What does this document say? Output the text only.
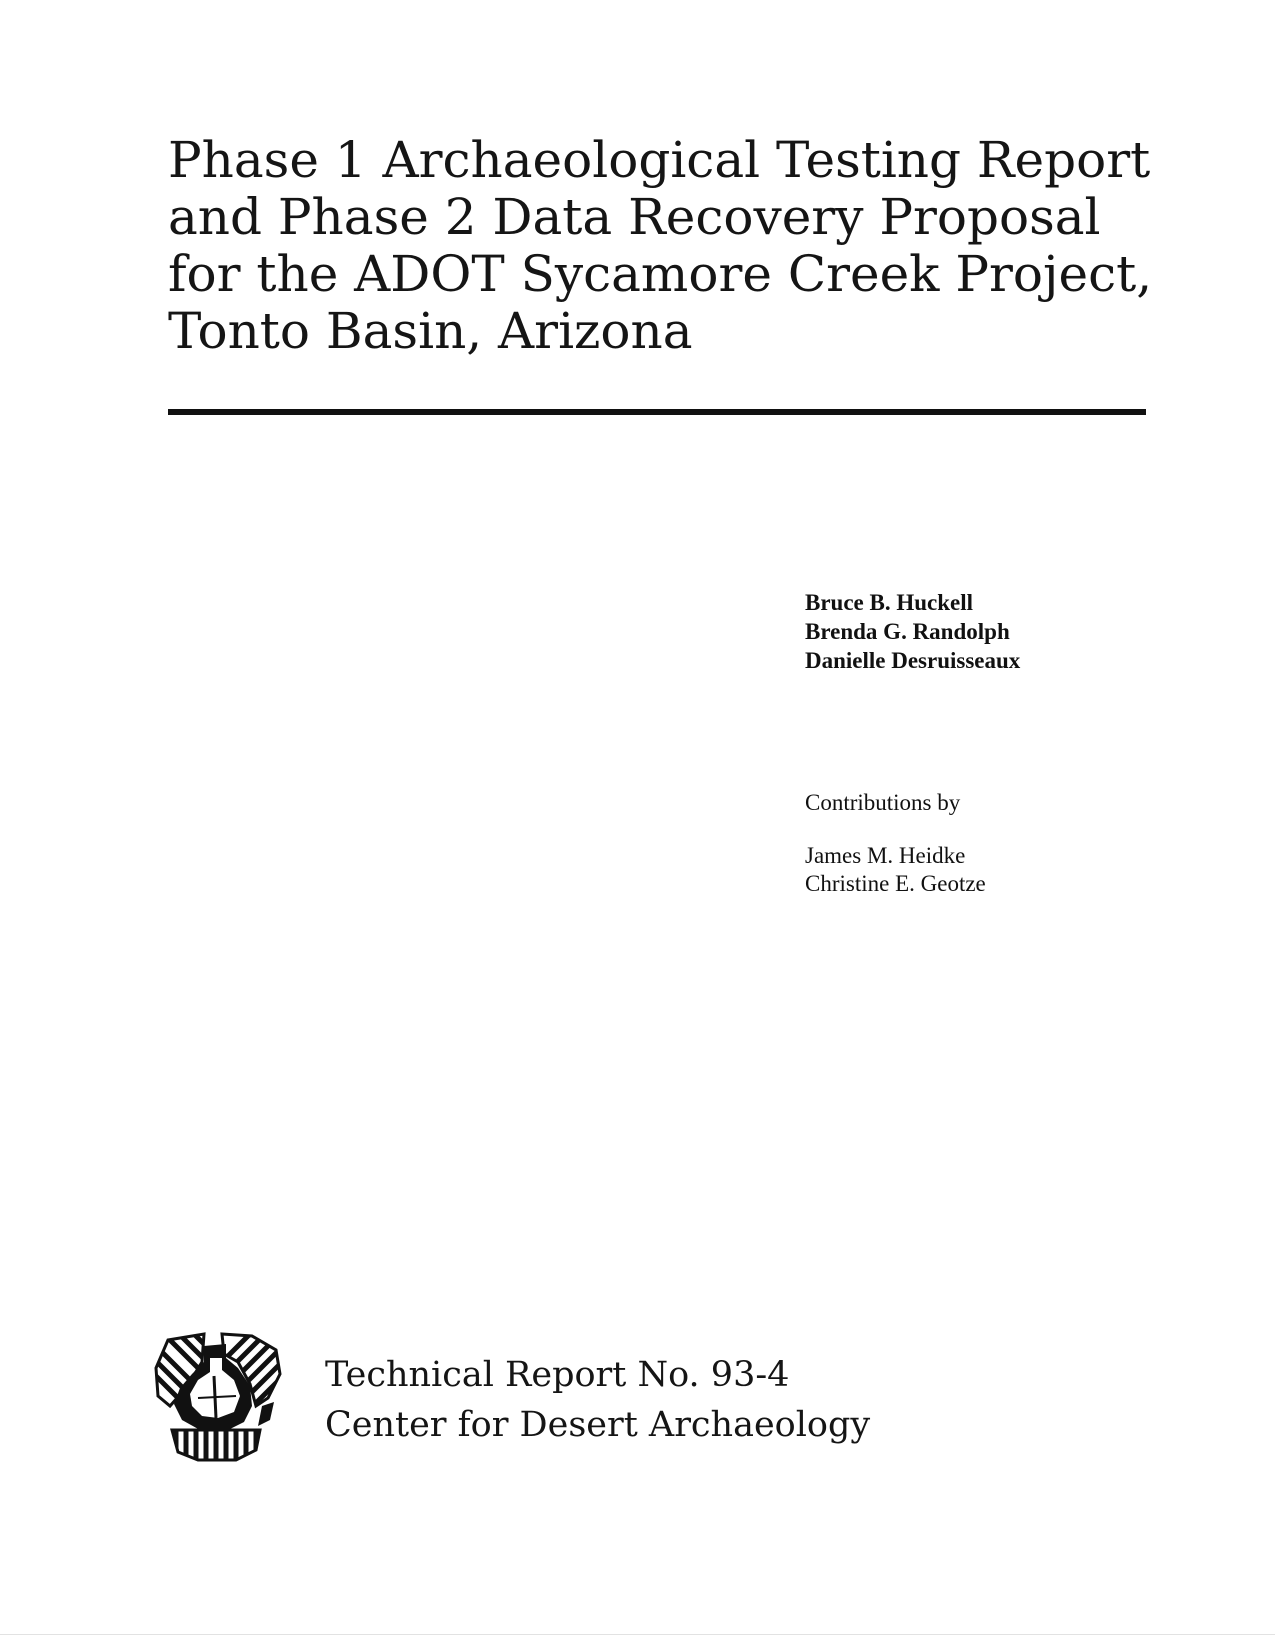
Phase 1 Archaeological Testing Report
and Phase 2 Data Recovery Proposal
for the ADOT Sycamore Creek Project,
Tonto Basin, Arizona
Bruce B. Huckell
Brenda G. Randolph
Danielle Desruisseaux
Contributions by
James M. Heidke
Christine E. Geotze
Technical Report No. 93-4
Center for Desert Archaeology
